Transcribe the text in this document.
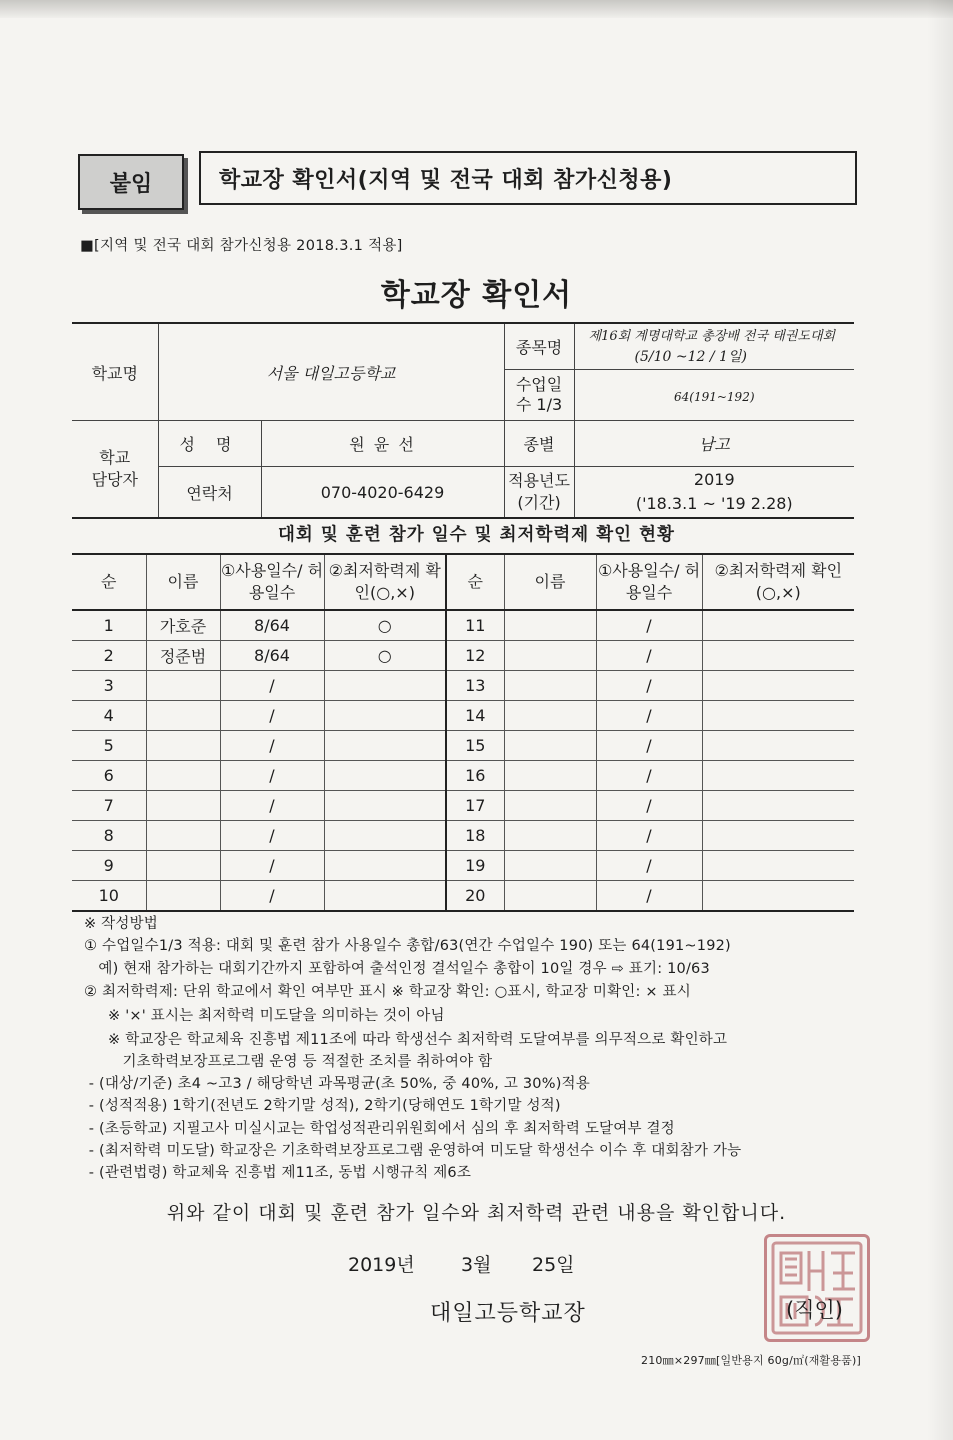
붙임	학교장 확인서(지역 및 전국 대회 참가신청용)
■[지역 및 전국 대회 참가신청용 2018.3.1 적용]
학교장 확인서
학교명	서울 대일고등학교		종목명	제16회 계명대학교 총장배 전국 태권도대회
(5/10 ~12 / 1일)

			수업일수 1/3	64(191~192)

학교 담당자	성 명	원 윤 선	종별	남고
	연락처	070-4020-6429	적용년도 (기간)	2019
('18.3.1 ~ '19 2.28)
대회 및 훈련 참가 일수 및 최저학력제 확인 현황
순	이름	①사용일수/ 허용일수	②최저학력제 확인(○,×)	순	이름	①사용일수/ 허용일수	②최저학력제 확인(○,×)
1	가호준	8/64	○	11		/	
2	정준범	8/64	○	12		/	
3		/		13		/	
4		/		14		/	
5		/		15		/	
6		/		16		/	
7		/		17		/	
8		/		18		/	
9		/		19		/	
10		/		20		/	
※ 작성방법
① 수업일수1/3 적용: 대회 및 훈련 참가 사용일수 총합/63(연간 수업일수 190) 또는 64(191~192)
예) 현재 참가하는 대회기간까지 포함하여 출석인정 결석일수 총합이 10일 경우 ⇨ 표기: 10/63
② 최저학력제: 단위 학교에서 확인 여부만 표시 ※ 학교장 확인: ○표시, 학교장 미확인: × 표시
※ '×' 표시는 최저학력 미도달을 의미하는 것이 아님
※ 학교장은 학교체육 진흥법 제11조에 따라 학생선수 최저학력 도달여부를 의무적으로 확인하고
기초학력보장프로그램 운영 등 적절한 조치를 취하여야 함
- (대상/기준) 초4 ~고3 / 해당학년 과목평균(초 50%, 중 40%, 고 30%)적용
- (성적적용) 1학기(전년도 2학기말 성적), 2학기(당해연도 1학기말 성적)
- (초등학교) 지필고사 미실시교는 학업성적관리위원회에서 심의 후 최저학력 도달여부 결정
- (최저학력 미도달) 학교장은 기초학력보장프로그램 운영하여 미도달 학생선수 이수 후 대회참가 가능
- (관련법령) 학교체육 진흥법 제11조, 동법 시행규칙 제6조
위와 같이 대회 및 훈련 참가 일수와 최저학력 관련 내용을 확인합니다.
2019년 3월 25일
대일고등학교장	(직인)
210㎜×297㎜[일반용지 60g/㎡(재활용품)]
